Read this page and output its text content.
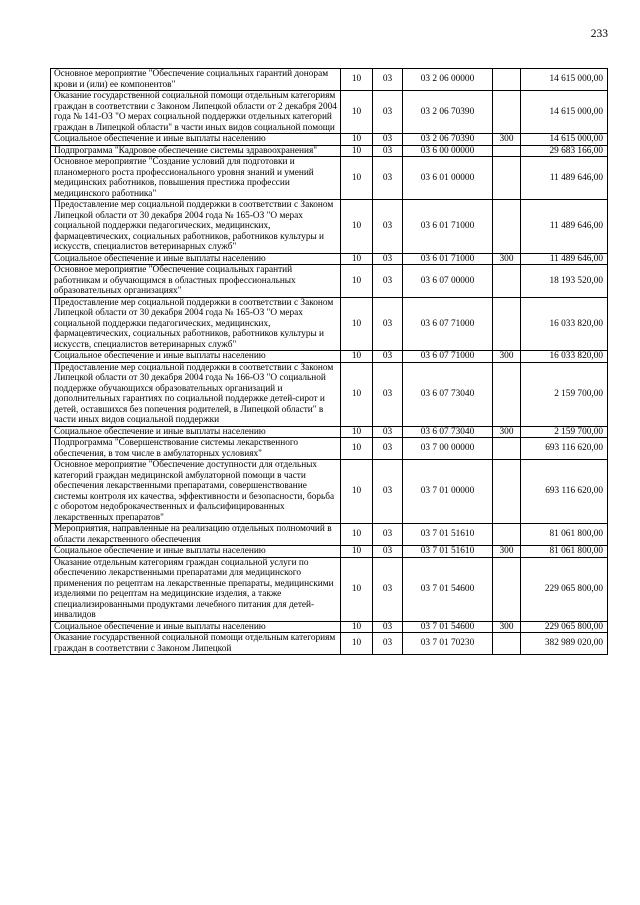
233
Основное мероприятие "Обеспечение социальных гарантий донорам крови и (или) ее компонентов"	10	03	03 2 06 00000		14 615 000,00
Оказание государственной социальной помощи отдельным категориям граждан в соответствии с Законом Липецкой области от 2 декабря 2004 года № 141-ОЗ "О мерах социальной поддержки отдельных категорий граждан в Липецкой области" в части иных видов социальной помощи	10	03	03 2 06 70390		14 615 000,00
Социальное обеспечение и иные выплаты населению	10	03	03 2 06 70390	300	14 615 000,00
Подпрограмма "Кадровое обеспечение системы здравоохранения"	10	03	03 6 00 00000		29 683 166,00
Основное мероприятие "Создание условий для подготовки и планомерного роста профессионального уровня знаний и умений медицинских работников, повышения престижа профессии медицинского работника"	10	03	03 6 01 00000		11 489 646,00
Предоставление мер социальной поддержки в соответствии с Законом Липецкой области от 30 декабря 2004 года № 165-ОЗ "О мерах социальной поддержки педагогических, медицинских, фармацевтических, социальных работников, работников культуры и искусств, специалистов ветеринарных служб"	10	03	03 6 01 71000		11 489 646,00
Социальное обеспечение и иные выплаты населению	10	03	03 6 01 71000	300	11 489 646,00
Основное мероприятие "Обеспечение социальных гарантий работникам и обучающимся в областных профессиональных образовательных организациях"	10	03	03 6 07 00000		18 193 520,00
Предоставление мер социальной поддержки в соответствии с Законом Липецкой области от 30 декабря 2004 года № 165-ОЗ "О мерах социальной поддержки педагогических, медицинских, фармацевтических, социальных работников, работников культуры и искусств, специалистов ветеринарных служб"	10	03	03 6 07 71000		16 033 820,00
Социальное обеспечение и иные выплаты населению	10	03	03 6 07 71000	300	16 033 820,00
Предоставление мер социальной поддержки в соответствии с Законом Липецкой области от 30 декабря 2004 года № 166-ОЗ "О социальной поддержке обучающихся образовательных организаций и дополнительных гарантиях по социальной поддержке детей-сирот и детей, оставшихся без попечения родителей, в Липецкой области" в части иных видов социальной поддержки	10	03	03 6 07 73040		2 159 700,00
Социальное обеспечение и иные выплаты населению	10	03	03 6 07 73040	300	2 159 700,00
Подпрограмма "Совершенствование системы лекарственного обеспечения, в том числе в амбулаторных условиях"	10	03	03 7 00 00000		693 116 620,00
Основное мероприятие "Обеспечение доступности для отдельных категорий граждан медицинской амбулаторной помощи в части обеспечения лекарственными препаратами, совершенствование системы контроля их качества, эффективности и безопасности, борьба с оборотом недоброкачественных и фальсифицированных лекарственных препаратов"	10	03	03 7 01 00000		693 116 620,00
Мероприятия, направленные на реализацию отдельных полномочий в области лекарственного обеспечения	10	03	03 7 01 51610		81 061 800,00
Социальное обеспечение и иные выплаты населению	10	03	03 7 01 51610	300	81 061 800,00
Оказание отдельным категориям граждан социальной услуги по обеспечению лекарственными препаратами для медицинского применения по рецептам на лекарственные препараты, медицинскими изделиями по рецептам на медицинские изделия, а также специализированными продуктами лечебного питания для детей-инвалидов	10	03	03 7 01 54600		229 065 800,00
Социальное обеспечение и иные выплаты населению	10	03	03 7 01 54600	300	229 065 800,00
Оказание государственной социальной помощи отдельным категориям граждан в соответствии с Законом Липецкой	10	03	03 7 01 70230		382 989 020,00
